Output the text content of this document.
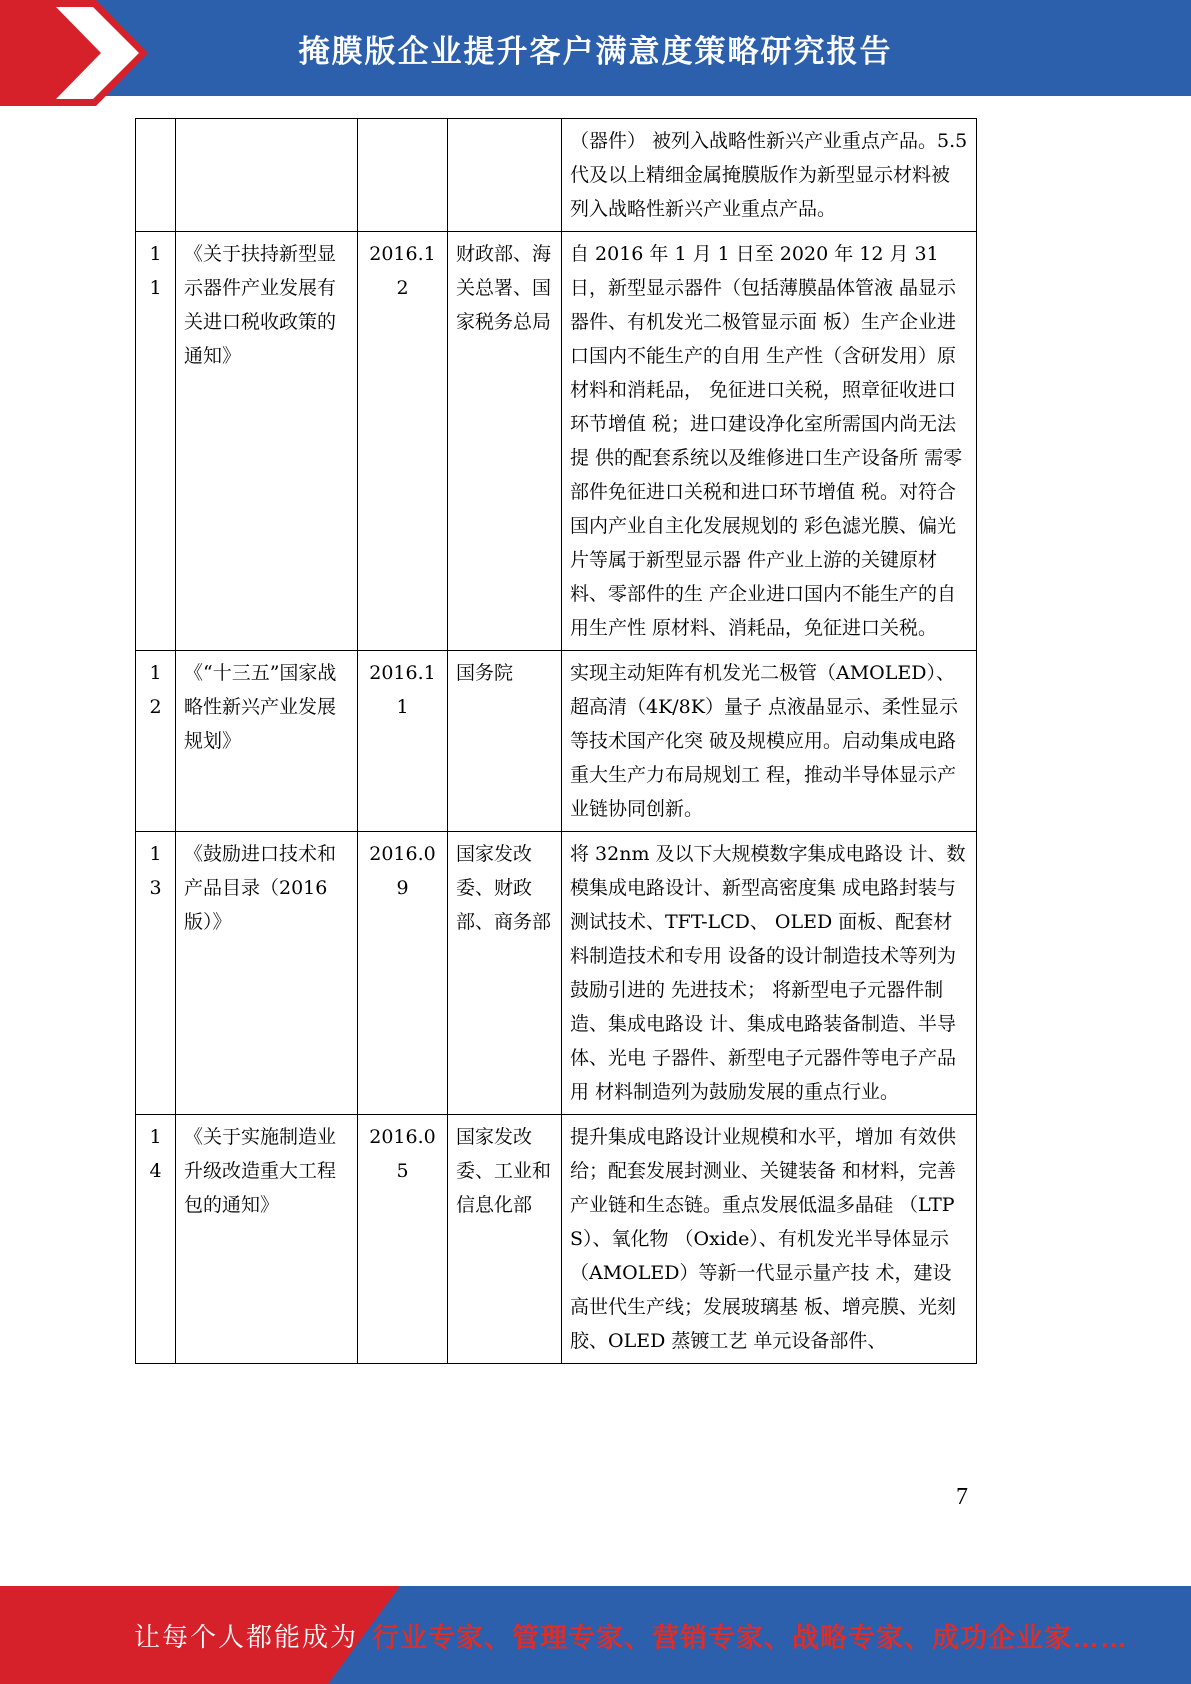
掩膜版企业提升客户满意度策略研究报告
				（器件） 被列入战略性新兴产业重点产品。5.5 代及以上精细金属掩膜版作为新型显示材料被列入战略性新兴产业重点产品。
11	《关于扶持新型显示器件产业发展有关进口税收政策的通知》	2016.12	财政部、海关总署、国家税务总局	自 2016 年 1 月 1 日至 2020 年 12 月 31 日，新型显示器件（包括薄膜晶体管液 晶显示器件、有机发光二极管显示面 板）生产企业进口国内不能生产的自用 生产性（含研发用）原材料和消耗品， 免征进口关税，照章征收进口环节增值 税；进口建设净化室所需国内尚无法提 供的配套系统以及维修进口生产设备所 需零部件免征进口关税和进口环节增值 税。对符合国内产业自主化发展规划的 彩色滤光膜、偏光片等属于新型显示器 件产业上游的关键原材料、零部件的生 产企业进口国内不能生产的自用生产性 原材料、消耗品，免征进口关税。
12	《“十三五”国家战略性新兴产业发展规划》	2016.11	国务院	实现主动矩阵有机发光二极管（AMOLED）、超高清（4K/8K）量子 点液晶显示、柔性显示等技术国产化突 破及规模应用。启动集成电路重大生产力布局规划工 程，推动半导体显示产业链协同创新。
13	《鼓励进口技术和产品目录（2016 版）》	2016.09	国家发改委、财政部、商务部	将 32nm 及以下大规模数字集成电路设 计、数模集成电路设计、新型高密度集 成电路封装与测试技术、TFT-LCD、 OLED 面板、配套材料制造技术和专用 设备的设计制造技术等列为鼓励引进的 先进技术； 将新型电子元器件制造、集成电路设 计、集成电路装备制造、半导体、光电 子器件、新型电子元器件等电子产品用 材料制造列为鼓励发展的重点行业。
14	《关于实施制造业升级改造重大工程包的通知》	2016.05	国家发改委、工业和信息化部	提升集成电路设计业规模和水平，增加 有效供给；配套发展封测业、关键装备 和材料，完善产业链和生态链。重点发展低温多晶硅 （LTPS）、氧化物 （Oxide）、有机发光半导体显示 （AMOLED）等新一代显示量产技 术，建设高世代生产线；发展玻璃基 板、增亮膜、光刻胶、OLED 蒸镀工艺 单元设备部件、
7
让每个人都能成为 行业专家、管理专家、营销专家、战略专家、成功企业家……
